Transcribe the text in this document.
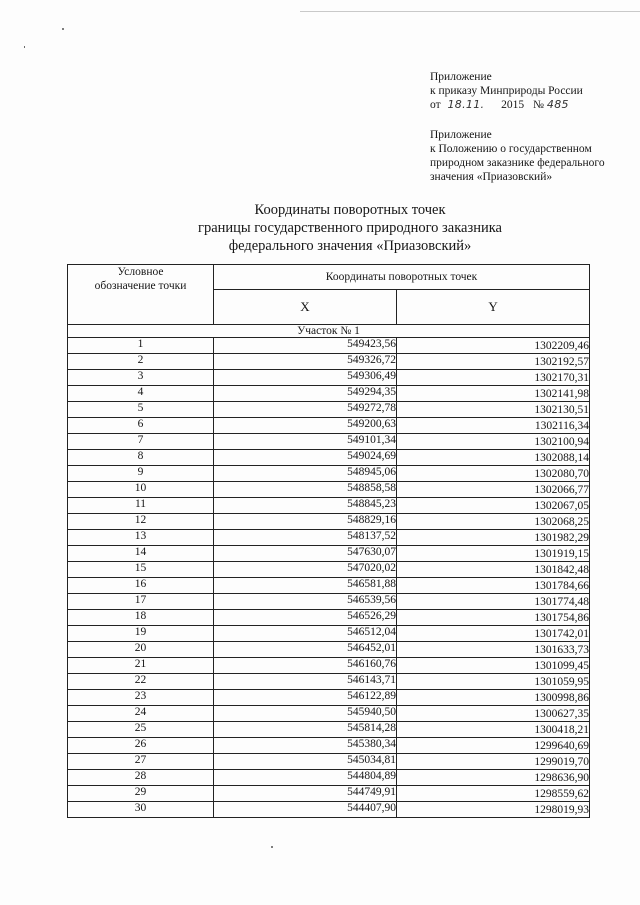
Приложение
к приказу Минприроды России
от 18.11. 2015 № 485
Приложение
к Положению о государственном
природном заказнике федерального
значения «Приазовский»
Координаты поворотных точек
границы государственного природного заказника
федерального значения «Приазовский»
Условное
обозначение точки	Координаты поворотных точек	
	X	Y
Участок № 1		
1	549423,56	1302209,46
2	549326,72	1302192,57
3	549306,49	1302170,31
4	549294,35	1302141,98
5	549272,78	1302130,51
6	549200,63	1302116,34
7	549101,34	1302100,94
8	549024,69	1302088,14
9	548945,06	1302080,70
10	548858,58	1302066,77
11	548845,23	1302067,05
12	548829,16	1302068,25
13	548137,52	1301982,29
14	547630,07	1301919,15
15	547020,02	1301842,48
16	546581,88	1301784,66
17	546539,56	1301774,48
18	546526,29	1301754,86
19	546512,04	1301742,01
20	546452,01	1301633,73
21	546160,76	1301099,45
22	546143,71	1301059,95
23	546122,89	1300998,86
24	545940,50	1300627,35
25	545814,28	1300418,21
26	545380,34	1299640,69
27	545034,81	1299019,70
28	544804,89	1298636,90
29	544749,91	1298559,62
30	544407,90	1298019,93
